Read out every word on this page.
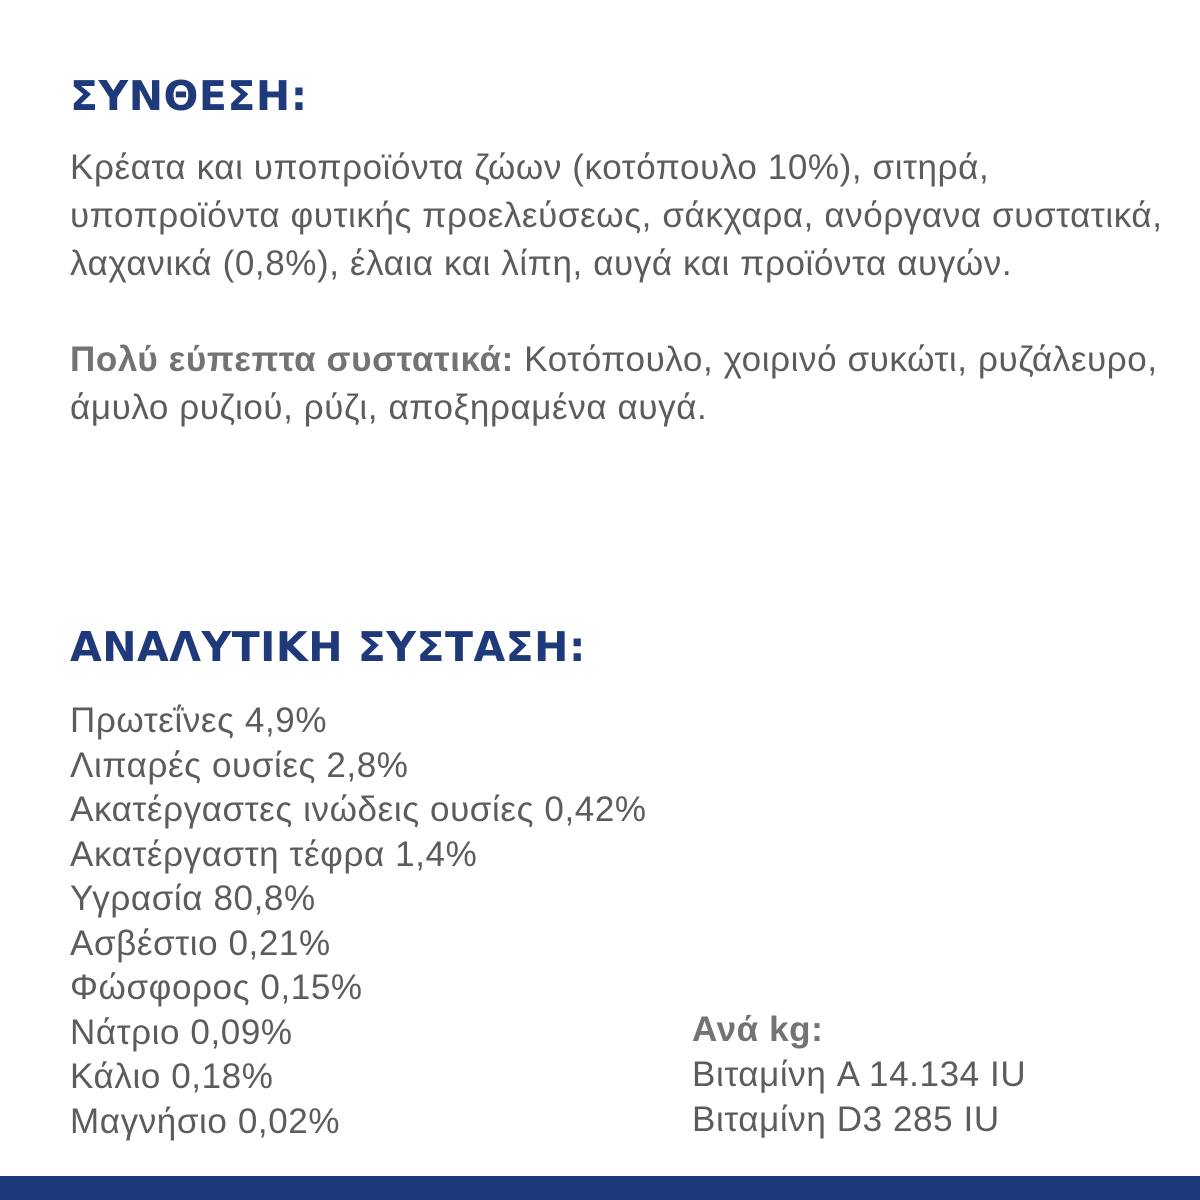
ΣΥΝΘΕΣΗ:

Κρέατα και υποπροϊόντα ζώων (κοτόπουλο 10%), σιτηρά, υποπροϊόντα φυτικής προελεύσεως, σάκχαρα, ανόργανα συστατικά, λαχανικά (0,8%), έλαια και λίπη, αυγά και προϊόντα αυγών.

Πολύ εύπεπτα συστατικά: Κοτόπουλο, χοιρινό συκώτι, ρυζάλευρο, άμυλο ρυζιού, ρύζι, αποξηραμένα αυγά.

ΑΝΑΛΥΤΙΚΗ ΣΥΣΤΑΣΗ:
Πρωτεΐνες 4,9%
Λιπαρές ουσίες 2,8%
Ακατέργαστες ινώδεις ουσίες 0,42%
Ακατέργαστη τέφρα 1,4%
Υγρασία 80,8%
Ασβέστιο 0,21%
Φώσφορος 0,15%
Νάτριο 0,09%
Κάλιο 0,18%
Μαγνήσιο 0,02%
Ανά kg:
Βιταμίνη A 14.134 IU
Βιταμίνη D3 285 IU
